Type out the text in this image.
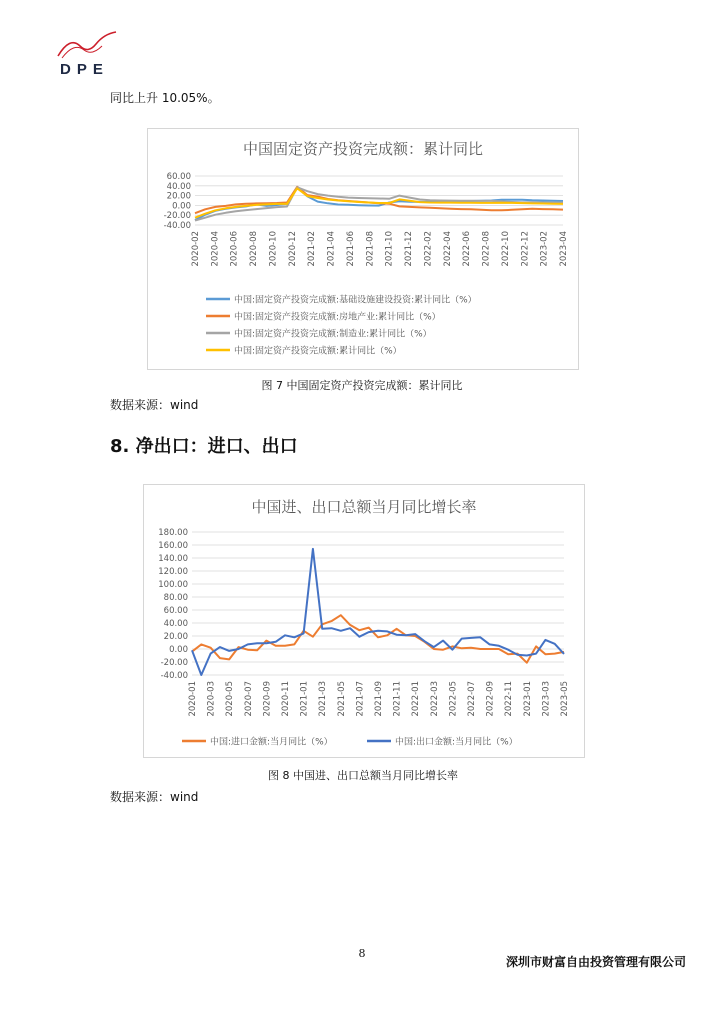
DPE
同比上升 10.05%。
中国固定资产投资完成额：累计同比
60.00
40.00
20.00
0.00
-20.00
-40.00
2020-02 2020-04 2020-06 2020-08 2020-10 2020-12 2021-02 2021-04 2021-06 2021-08 2021-10 2021-12 2022-02 2022-04 2022-06 2022-08 2022-10 2022-12 2023-02 2023-04
中国:固定资产投资完成额:基础设施建设投资:累计同比（%）
中国:固定资产投资完成额:房地产业:累计同比（%）
中国:固定资产投资完成额:制造业:累计同比（%）
中国:固定资产投资完成额:累计同比（%）
图 7 中国固定资产投资完成额：累计同比
数据来源：wind
8. 净出口：进口、出口
中国进、出口总额当月同比增长率
180.00
160.00
140.00
120.00
100.00
80.00
60.00
40.00
20.00
0.00
-20.00
-40.00
2020-01 2020-03 2020-05 2020-07 2020-09 2020-11 2021-01 2021-03 2021-05 2021-07 2021-09 2021-11 2022-01 2022-03 2022-05 2022-07 2022-09 2022-11 2023-01 2023-03 2023-05
中国:进口金额:当月同比（%）	中国:出口金额:当月同比（%）
图 8 中国进、出口总额当月同比增长率
数据来源：wind
8
深圳市财富自由投资管理有限公司
